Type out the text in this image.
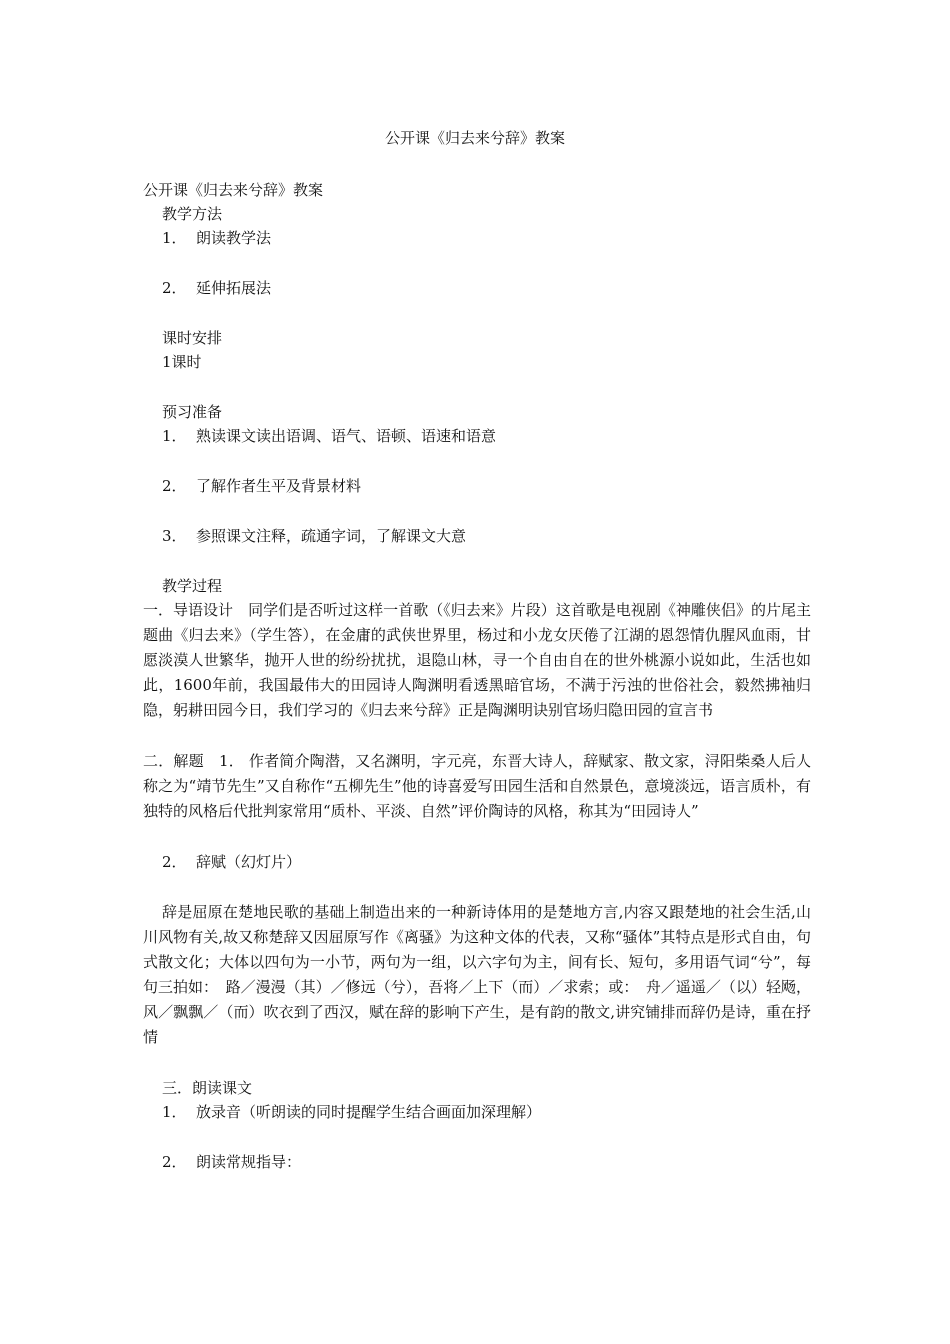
公开课《归去来兮辞》教案
公开课《归去来兮辞》教案
教学方法
1． 朗读教学法
2． 延伸拓展法
课时安排
1课时
预习准备
1． 熟读课文读出语调、语气、语顿、语速和语意
2． 了解作者生平及背景材料
3． 参照课文注释，疏通字词，了解课文大意
教学过程
一．导语设计　同学们是否听过这样一首歌（《归去来》片段）这首歌是电视剧《神雕侠侣》的片尾主题曲《归去来》（学生答），在金庸的武侠世界里，杨过和小龙女厌倦了江湖的恩怨情仇腥风血雨，甘愿淡漠人世繁华，抛开人世的纷纷扰扰，退隐山林，寻一个自由自在的世外桃源小说如此，生活也如此，1600年前，我国最伟大的田园诗人陶渊明看透黑暗官场，不满于污浊的世俗社会，毅然拂袖归隐，躬耕田园今日，我们学习的《归去来兮辞》正是陶渊明诀别官场归隐田园的宣言书
二．解题　1． 作者简介陶潜，又名渊明，字元亮，东晋大诗人，辞赋家、散文家，浔阳柴桑人后人称之为“靖节先生”又自称作“五柳先生”他的诗喜爱写田园生活和自然景色，意境淡远，语言质朴，有独特的风格后代批判家常用“质朴、平淡、自然”评价陶诗的风格，称其为“田园诗人”
2． 辞赋（幻灯片）
辞是屈原在楚地民歌的基础上制造出来的一种新诗体用的是楚地方言,内容又跟楚地的社会生活,山川风物有关,故又称楚辞又因屈原写作《离骚》为这种文体的代表，又称“骚体”其特点是形式自由，句式散文化；大体以四句为一小节，两句为一组，以六字句为主，间有长、短句，多用语气词“兮”，每句三拍如：　路／漫漫（其）／修远（兮），吾将／上下（而）／求索；或：　舟／遥遥／（以）轻飏，风／飘飘／（而）吹衣到了西汉，赋在辞的影响下产生，是有韵的散文,讲究铺排而辞仍是诗，重在抒情
三．朗读课文
1． 放录音（听朗读的同时提醒学生结合画面加深理解）
2． 朗读常规指导：
